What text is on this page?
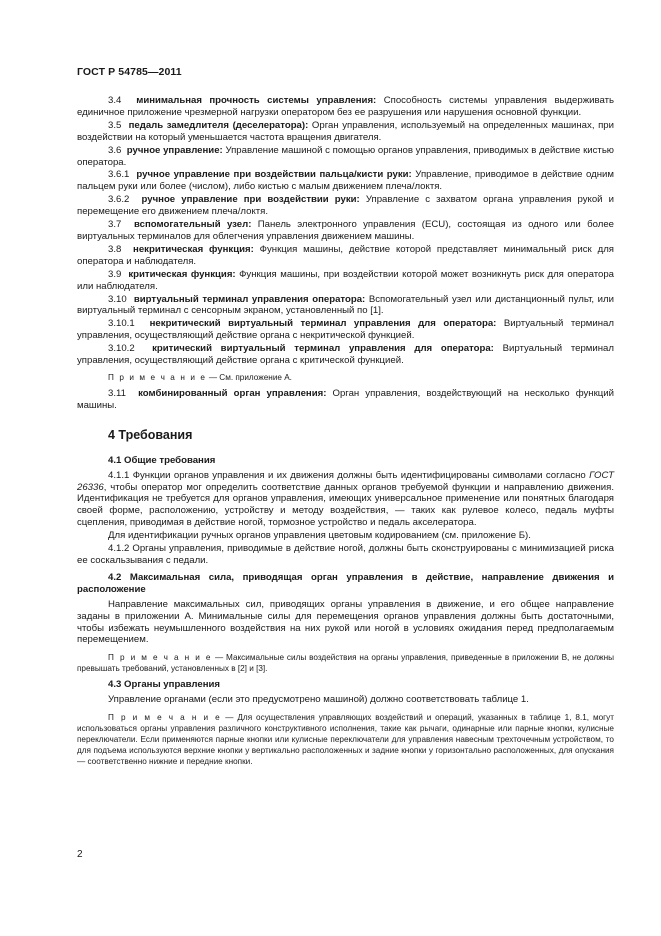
ГОСТ Р 54785—2011

3.4 минимальная прочность системы управления: Способность системы управления выдерживать единичное приложение чрезмерной нагрузки оператором без ее разрушения или нарушения основной функции.

3.5 педаль замедлителя (деселератора): Орган управления, используемый на определенных машинах, при воздействии на который уменьшается частота вращения двигателя.

3.6 ручное управление: Управление машиной с помощью органов управления, приводимых в действие кистью оператора.

3.6.1 ручное управление при воздействии пальца/кисти руки: Управление, приводимое в действие одним пальцем руки или более (числом), либо кистью с малым движением плеча/локтя.

3.6.2 ручное управление при воздействии руки: Управление с захватом органа управления рукой и перемещение его движением плеча/локтя.

3.7 вспомогательный узел: Панель электронного управления (ECU), состоящая из одного или более виртуальных терминалов для облегчения управления движением машины.

3.8 некритическая функция: Функция машины, действие которой представляет минимальный риск для оператора и наблюдателя.

3.9 критическая функция: Функция машины, при воздействии которой может возникнуть риск для оператора или наблюдателя.

3.10 виртуальный терминал управления оператора: Вспомогательный узел или дистанционный пульт, или виртуальный терминал с сенсорным экраном, установленный по [1].

3.10.1 некритический виртуальный терминал управления для оператора: Виртуальный терминал управления, осуществляющий действие органа с некритической функцией.

3.10.2 критический виртуальный терминал управления для оператора: Виртуальный терминал управления, осуществляющий действие органа с критической функцией.

П р и м е ч а н и е — См. приложение А.

3.11 комбинированный орган управления: Орган управления, воздействующий на несколько функций машины.

4 Требования
4.1 Общие требования

4.1.1 Функции органов управления и их движения должны быть идентифицированы символами согласно ГОСТ 26336, чтобы оператор мог определить соответствие данных органов требуемой функции и направлению движения. Идентификация не требуется для органов управления, имеющих универсальное применение или понятных благодаря своей форме, расположению, устройству и методу воздействия, — таких как рулевое колесо, педаль муфты сцепления, приводимая в действие ногой, тормозное устройство и педаль акселератора.

Для идентификации ручных органов управления цветовым кодированием (см. приложение Б).

4.1.2 Органы управления, приводимые в действие ногой, должны быть сконструированы с минимизацией риска ее соскальзывания с педали.

4.2 Максимальная сила, приводящая орган управления в действие, направление движения и расположение

Направление максимальных сил, приводящих органы управления в движение, и его общее направление заданы в приложении А. Минимальные силы для перемещения органов управления должны быть достаточными, чтобы избежать неумышленного воздействия на них рукой или ногой в условиях ожидания перед предполагаемым перемещением.

П р и м е ч а н и е — Максимальные силы воздействия на органы управления, приведенные в приложении В, не должны превышать требований, установленных в [2] и [3].

4.3 Органы управления

Управление органами (если это предусмотрено машиной) должно соответствовать таблице 1.

П р и м е ч а н и е — Для осуществления управляющих воздействий и операций, указанных в таблице 1, 8.1, могут использоваться органы управления различного конструктивного исполнения, такие как рычаги, одинарные или парные кнопки, кулисные переключатели. Если применяются парные кнопки или кулисные переключатели для управления навесным трехточечным устройством, то для подъема используются верхние кнопки у вертикально расположенных и задние кнопки у горизонтально расположенных, для опускания — соответственно нижние и передние кнопки.

2
